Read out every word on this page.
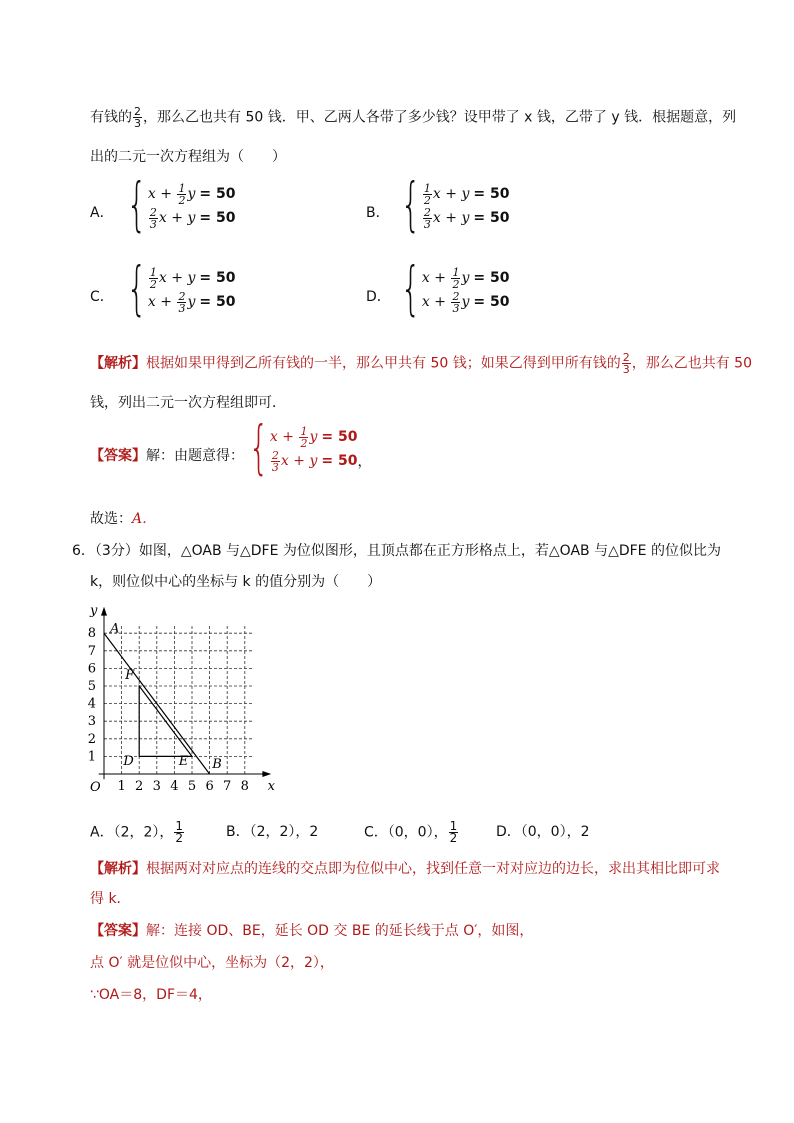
有钱的 $\frac{2}{3}$ ，那么乙也共有 50 钱．甲、乙两人各带了多少钱？设甲带了 x 钱，乙带了 y 钱．根据题意，列
出的二元一次方程组为（　　）
A． { x
+
$\frac{1}{2}$ y = 50
$\frac{2}{3}$ x
+
y = 50	B． { $\frac{1}{2}$ x
+
y = 50
$\frac{2}{3}$ x
+
y = 50
C． { $\frac{1}{2}$ x
+
y = 50
x
+
$\frac{2}{3}$ y = 50	D． { x
+
$\frac{1}{2}$ y = 50
x
+
$\frac{2}{3}$ y = 50
【解析】根据如果甲得到乙所有钱的一半，那么甲共有 50 钱；如果乙得到甲所有钱的 $\frac{2}{3}$ ，那么乙也共有 50
钱，列出二元一次方程组即可．
【答案】解：由题意得： { x
+
$\frac{1}{2}$ y = 50
$\frac{2}{3}$ x
+
y = 50 ，
故选：A．
6．（3分）如图，△OAB 与△DFE 为位似图形，且顶点都在正方形格点上，若△OAB 与△DFE 的位似比为
k，则位似中心的坐标与 k 的值分别为（　　）
1 2 3 4 5 6 7 8
1
2
3
4
5
6
7
8
x
y
O
A
F
D	E B
A．（2，2）， $\frac{1}{2}$	B．（2，2），2	C．（0，0）， $\frac{1}{2}$	D．（0，0），2
【解析】根据两对对应点的连线的交点即为位似中心，找到任意一对对应边的边长，求出其相比即可求
得 k．
【答案】解：连接 OD、BE，延长 OD 交 BE 的延长线于点 O′，如图，
点 O′ 就是位似中心，坐标为（2，2），
∵OA＝8，DF＝4，
